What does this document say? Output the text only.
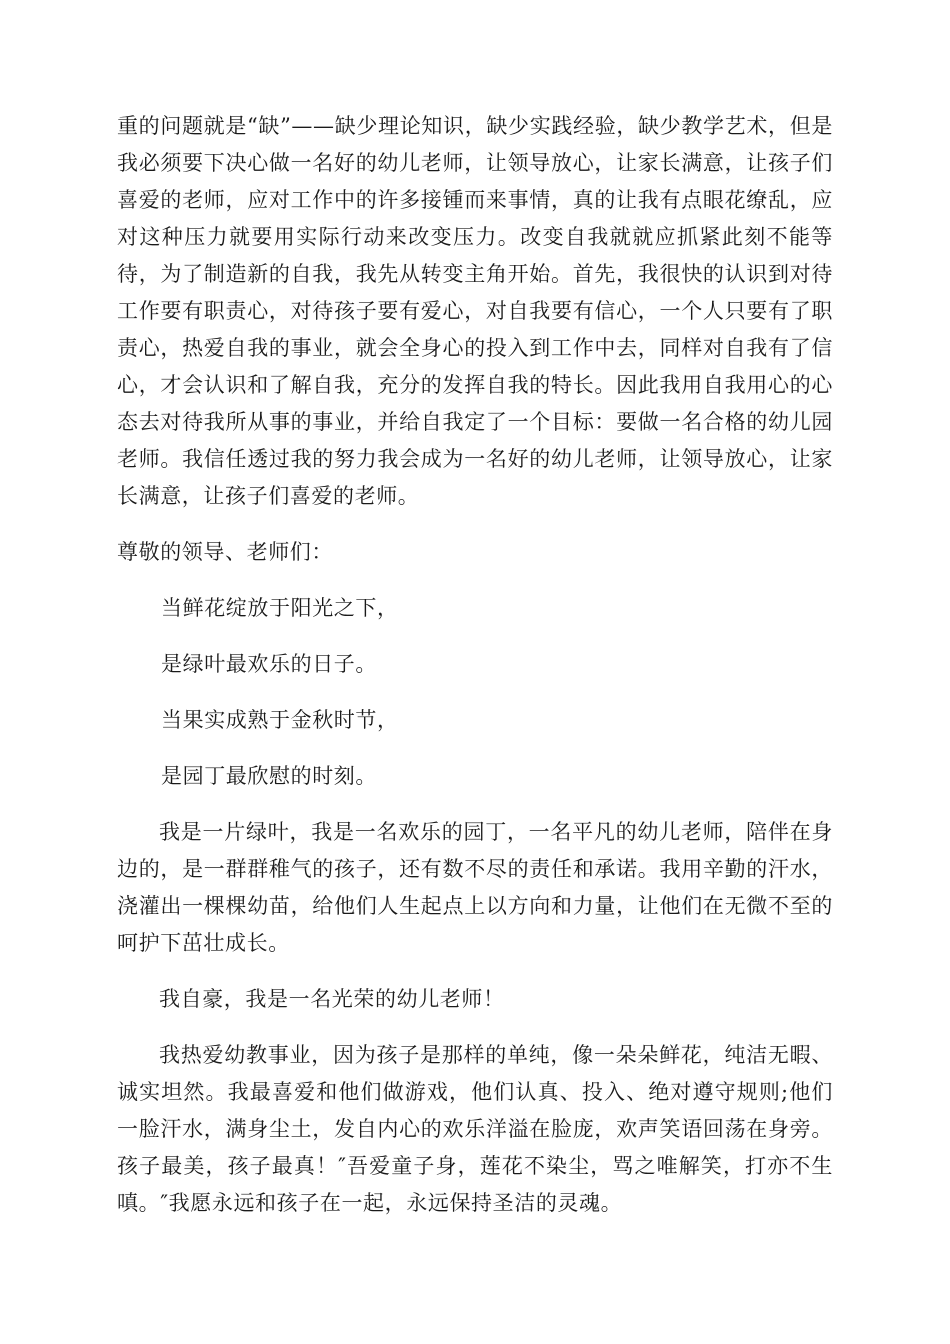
重的问题就是“缺”——缺少理论知识，缺少实践经验，缺少教学艺术，但是我必须要下决心做一名好的幼儿老师，让领导放心，让家长满意，让孩子们喜爱的老师，应对工作中的许多接锺而来事情，真的让我有点眼花缭乱，应对这种压力就要用实际行动来改变压力。改变自我就就应抓紧此刻不能等待，为了制造新的自我，我先从转变主角开始。首先，我很快的认识到对待工作要有职责心，对待孩子要有爱心，对自我要有信心，一个人只要有了职责心，热爱自我的事业，就会全身心的投入到工作中去，同样对自我有了信心，才会认识和了解自我，充分的发挥自我的特长。因此我用自我用心的心态去对待我所从事的事业，并给自我定了一个目标：要做一名合格的幼儿园老师。我信任透过我的努力我会成为一名好的幼儿老师，让领导放心，让家长满意，让孩子们喜爱的老师。

尊敬的领导、老师们：

当鲜花绽放于阳光之下，

是绿叶最欢乐的日子。

当果实成熟于金秋时节，

是园丁最欣慰的时刻。

我是一片绿叶，我是一名欢乐的园丁，一名平凡的幼儿老师，陪伴在身边的，是一群群稚气的孩子，还有数不尽的责任和承诺。我用辛勤的汗水，浇灌出一棵棵幼苗，给他们人生起点上以方向和力量，让他们在无微不至的呵护下茁壮成长。

我自豪，我是一名光荣的幼儿老师！

我热爱幼教事业，因为孩子是那样的单纯，像一朵朵鲜花，纯洁无暇、诚实坦然。我最喜爱和他们做游戏，他们认真、投入、绝对遵守规则;他们一脸汗水，满身尘土，发自内心的欢乐洋溢在脸庞，欢声笑语回荡在身旁。孩子最美，孩子最真！″吾爱童子身，莲花不染尘，骂之唯解笑，打亦不生嗔。″我愿永远和孩子在一起，永远保持圣洁的灵魂。
